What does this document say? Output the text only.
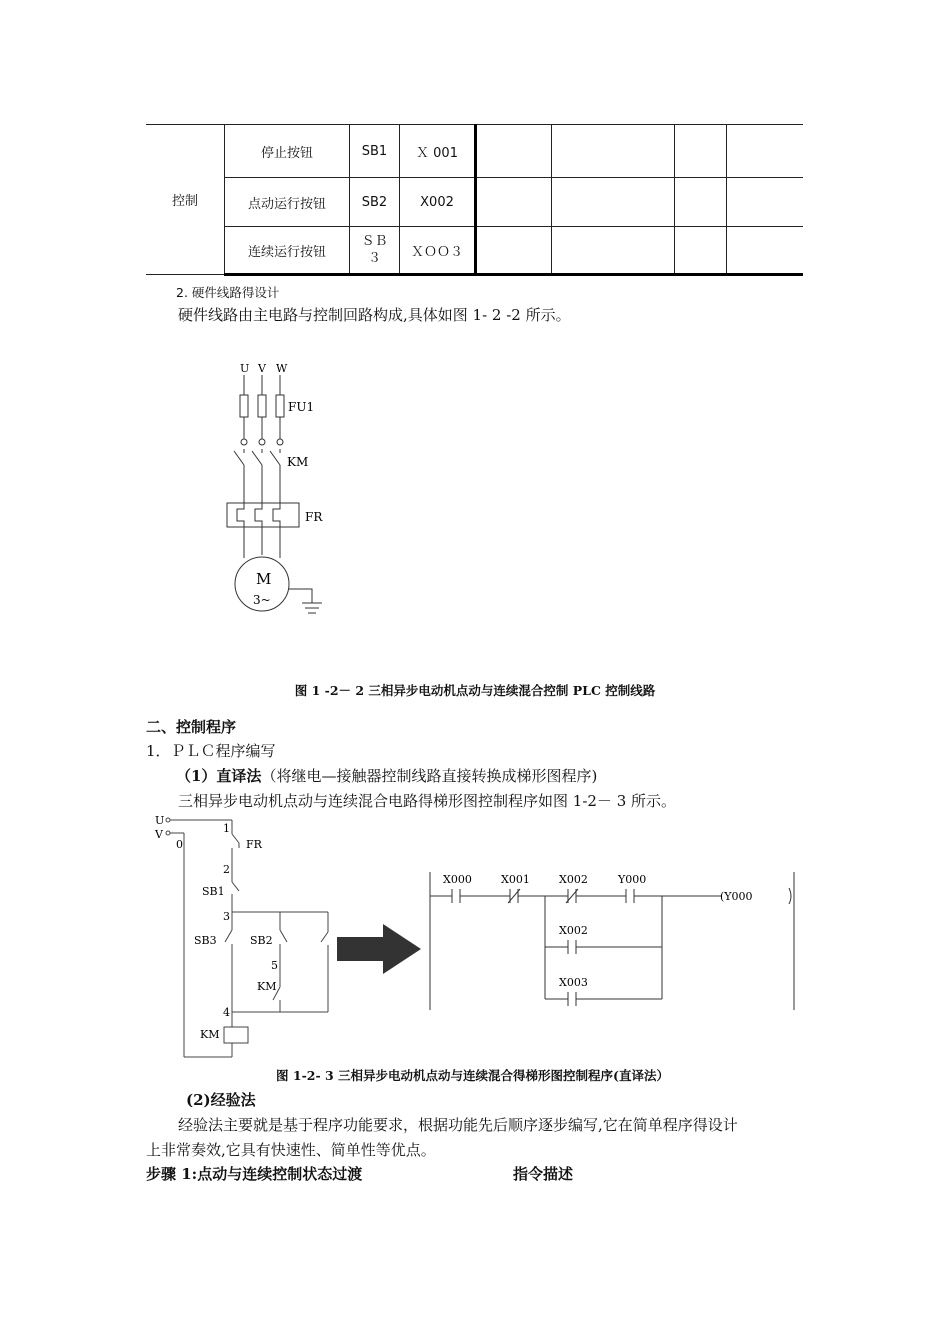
控制	停止按钮	SB1	Ｘ 001				
	点动运行按钮	SB2	X002				
	连续运行按钮	ＳＢ３	ＸＯＯ３				
2. 硬件线路得设计
硬件线路由主电路与控制回路构成,具体如图 1- 2 -2 所示。
U V W
FU1
KM
FR
M
3~
图 1 -2－ 2 三相异步电动机点动与连续混合控制 PLC 控制线路
二、控制程序
1．ＰＬＣ程序编写
（1）直译法（将继电—接触器控制线路直接转换成梯形图程序)
三相异步电动机点动与连续混合电路得梯形图控制程序如图 1-2－ 3 所示。
U
V
0
1
FR
2
SB1
3
SB3	SB2
5
KM
4
KM
X000	X001	X002	Y000
(Y000
X002
X003
图 1-2- 3 三相异步电动机点动与连续混合得梯形图控制程序(直译法）
(2)经验法
经验法主要就是基于程序功能要求，根据功能先后顺序逐步编写,它在简单程序得设计
上非常奏效,它具有快速性、简单性等优点。
步骤 1:点动与连续控制状态过渡	指令描述
